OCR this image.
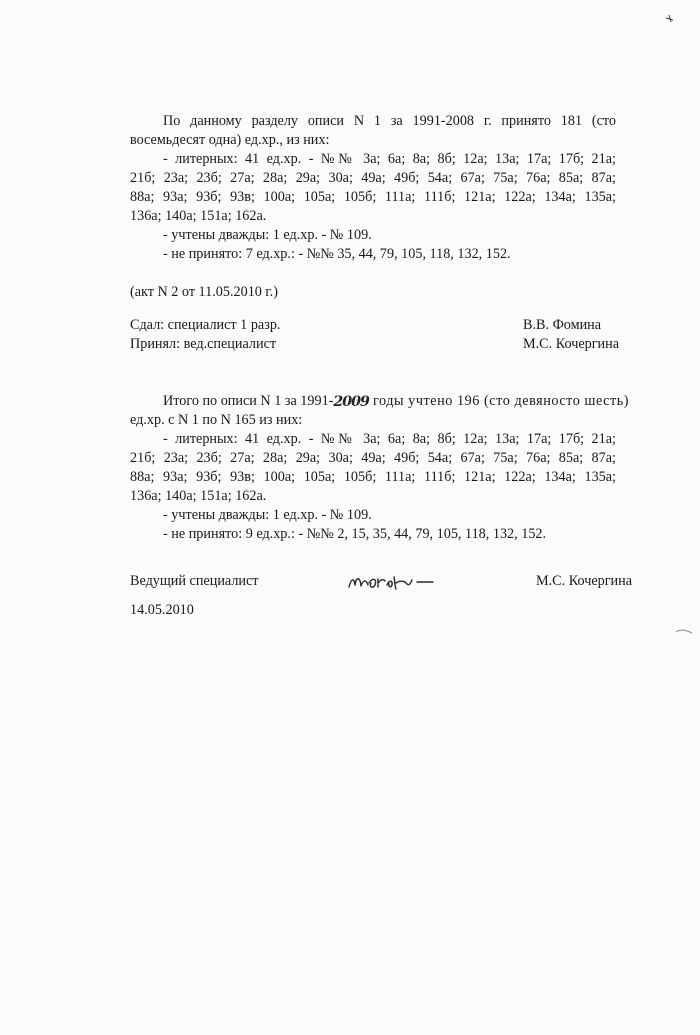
По данному разделу описи N 1 за 1991-2008 г. принято 181 (сто
восемьдесят одна) ед.хр., из них:
- литерных: 41 ед.хр. - №№ 3а; 6а; 8а; 8б; 12а; 13а; 17а; 17б; 21а;
21б; 23а; 23б; 27а; 28а; 29а; 30а; 49а; 49б; 54а; 67а; 75а; 76а; 85а; 87а;
88а; 93а; 93б; 93в; 100а; 105а; 105б; 111а; 111б; 121а; 122а; 134а; 135а;
136а; 140а; 151а; 162а.
- учтены дважды: 1 ед.хр. - № 109.
- не принято: 7 ед.хр.: - №№ 35, 44, 79, 105, 118, 132, 152.
(акт N 2 от 11.05.2010 г.)
Сдал: специалист 1 разр.	В.В. Фомина
Принял: вед.специалист	М.С. Кочергина
Итого по описи N 1 за 1991-2009 годы учтено 196 (сто девяносто шесть)
ед.хр. с N 1 по N 165 из них:
- литерных: 41 ед.хр. - №№ 3а; 6а; 8а; 8б; 12а; 13а; 17а; 17б; 21а;
21б; 23а; 23б; 27а; 28а; 29а; 30а; 49а; 49б; 54а; 67а; 75а; 76а; 85а; 87а;
88а; 93а; 93б; 93в; 100а; 105а; 105б; 111а; 111б; 121а; 122а; 134а; 135а;
136а; 140а; 151а; 162а.
- учтены дважды: 1 ед.хр. - № 109.
- не принято: 9 ед.хр.: - №№ 2, 15, 35, 44, 79, 105, 118, 132, 152.
Ведущий специалист	М.С. Кочергина
14.05.2010
